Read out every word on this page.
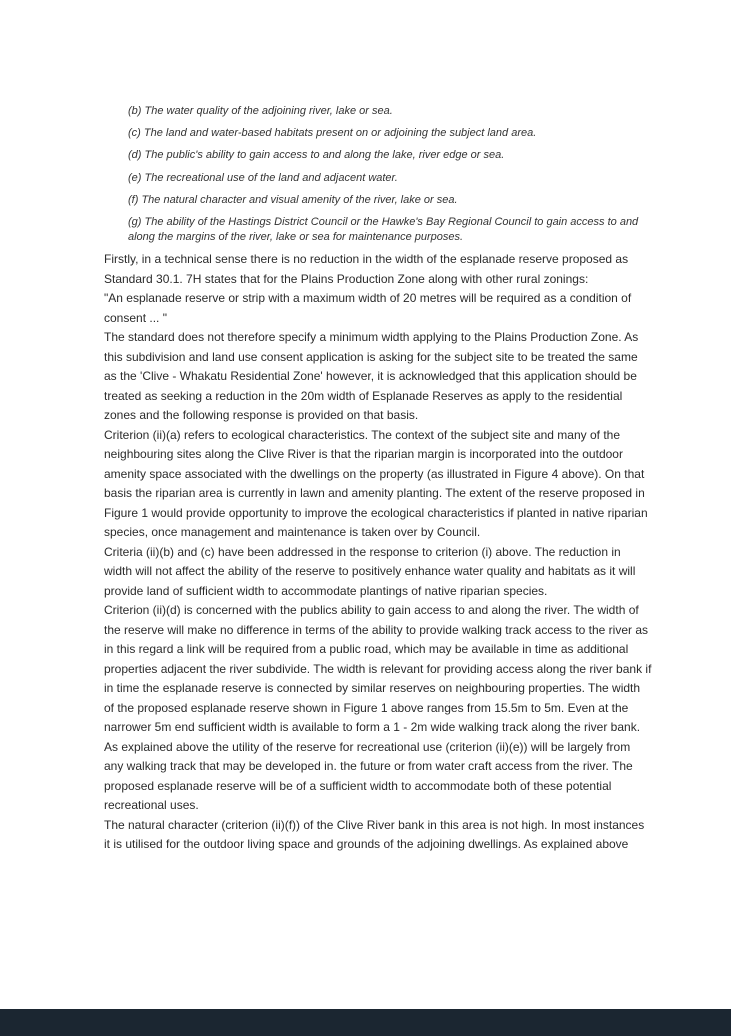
(b) The water quality of the adjoining river, lake or sea.
(c) The land and water-based habitats present on or adjoining the subject land area.
(d) The public's ability to gain access to and along the lake, river edge or sea.
(e) The recreational use of the land and adjacent water.
(f) The natural character and visual amenity of the river, lake or sea.
(g) The ability of the Hastings District Council or the Hawke's Bay Regional Council to gain access to and along the margins of the river, lake or sea for maintenance purposes.

Firstly, in a technical sense there is no reduction in the width of the esplanade reserve proposed as Standard 30.1. 7H states that for the Plains Production Zone along with other rural zonings:

"An esplanade reserve or strip with a maximum width of 20 metres will be required as a condition of consent ... "

The standard does not therefore specify a minimum width applying to the Plains Production Zone. As this subdivision and land use consent application is asking for the subject site to be treated the same as the 'Clive - Whakatu Residential Zone' however, it is acknowledged that this application should be treated as seeking a reduction in the 20m width of Esplanade Reserves as apply to the residential zones and the following response is provided on that basis.

Criterion (ii)(a) refers to ecological characteristics. The context of the subject site and many of the neighbouring sites along the Clive River is that the riparian margin is incorporated into the outdoor amenity space associated with the dwellings on the property (as illustrated in Figure 4 above). On that basis the riparian area is currently in lawn and amenity planting. The extent of the reserve proposed in Figure 1 would provide opportunity to improve the ecological characteristics if planted in native riparian species, once management and maintenance is taken over by Council.

Criteria (ii)(b) and (c) have been addressed in the response to criterion (i) above. The reduction in width will not affect the ability of the reserve to positively enhance water quality and habitats as it will provide land of sufficient width to accommodate plantings of native riparian species.

Criterion (ii)(d) is concerned with the publics ability to gain access to and along the river. The width of the reserve will make no difference in terms of the ability to provide walking track access to the river as in this regard a link will be required from a public road, which may be available in time as additional properties adjacent the river subdivide. The width is relevant for providing access along the river bank if in time the esplanade reserve is connected by similar reserves on neighbouring properties. The width of the proposed esplanade reserve shown in Figure 1 above ranges from 15.5m to 5m. Even at the narrower 5m end sufficient width is available to form a 1 - 2m wide walking track along the river bank.

As explained above the utility of the reserve for recreational use (criterion (ii)(e)) will be largely from any walking track that may be developed in. the future or from water craft access from the river. The proposed esplanade reserve will be of a sufficient width to accommodate both of these potential recreational uses.

The natural character (criterion (ii)(f)) of the Clive River bank in this area is not high. In most instances it is utilised for the outdoor living space and grounds of the adjoining dwellings. As explained above
